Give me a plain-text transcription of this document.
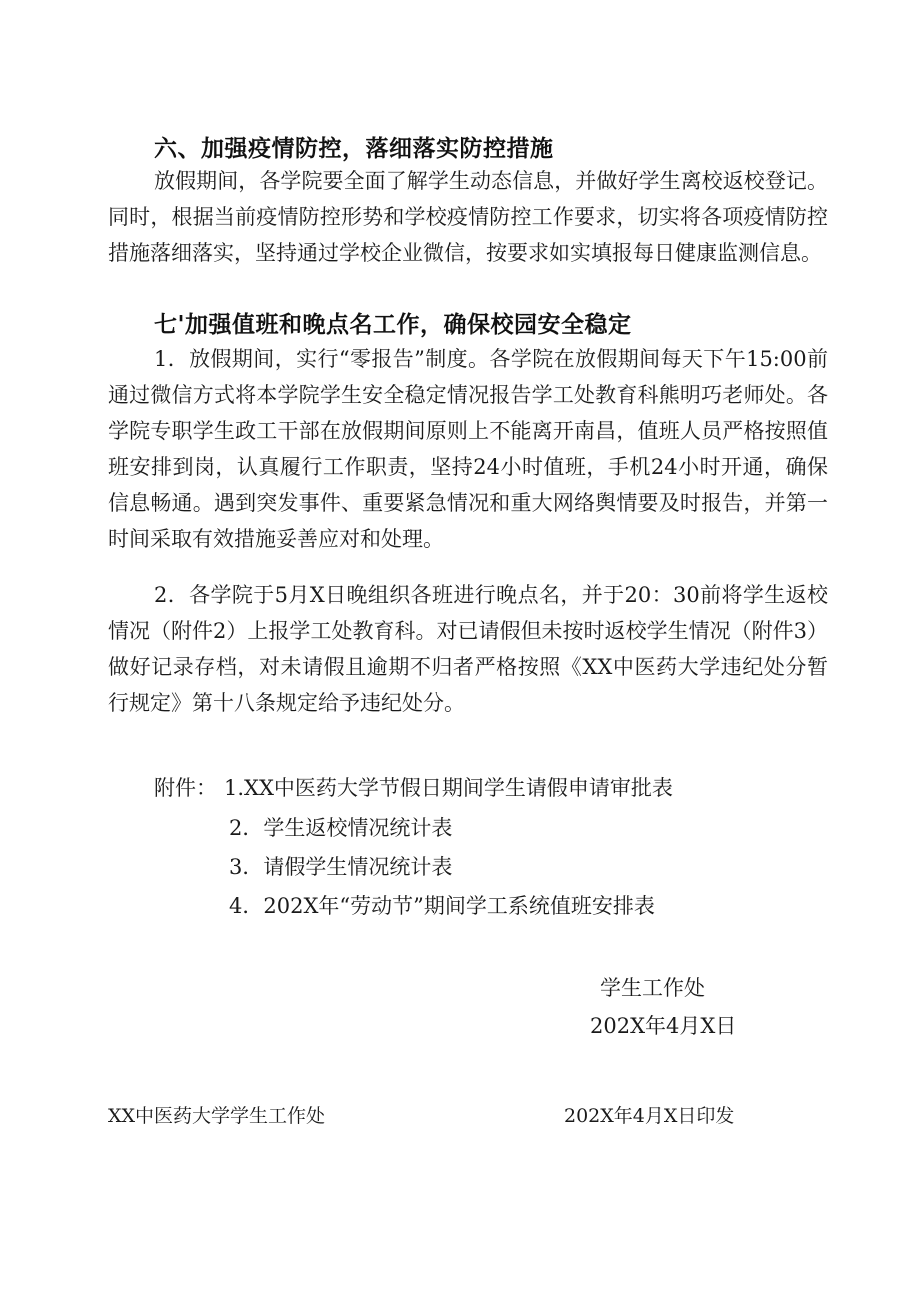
六、加强疫情防控，落细落实防控措施
放假期间，各学院要全面了解学生动态信息，并做好学生离校返校登记。同时，根据当前疫情防控形势和学校疫情防控工作要求，切实将各项疫情防控措施落细落实，坚持通过学校企业微信，按要求如实填报每日健康监测信息。
七'加强值班和晚点名工作，确保校园安全稳定
1．放假期间，实行“零报告”制度。各学院在放假期间每天下午15:00前通过微信方式将本学院学生安全稳定情况报告学工处教育科熊明巧老师处。各学院专职学生政工干部在放假期间原则上不能离开南昌，值班人员严格按照值班安排到岗，认真履行工作职责，坚持24小时值班，手机24小时开通，确保信息畅通。遇到突发事件、重要紧急情况和重大网络舆情要及时报告，并第一时间采取有效措施妥善应对和处理。
2．各学院于5月X日晚组织各班进行晚点名，并于20：30前将学生返校情况（附件2）上报学工处教育科。对已请假但未按时返校学生情况（附件3）做好记录存档，对未请假且逾期不归者严格按照《XX中医药大学违纪处分暂行规定》第十八条规定给予违纪处分。
附件： 1.XX中医药大学节假日期间学生请假申请审批表
2．学生返校情况统计表
3．请假学生情况统计表
4．202X年“劳动节”期间学工系统值班安排表
学生工作处
202X年4月X日
XX中医药大学学生工作处	202X年4月X日印发
